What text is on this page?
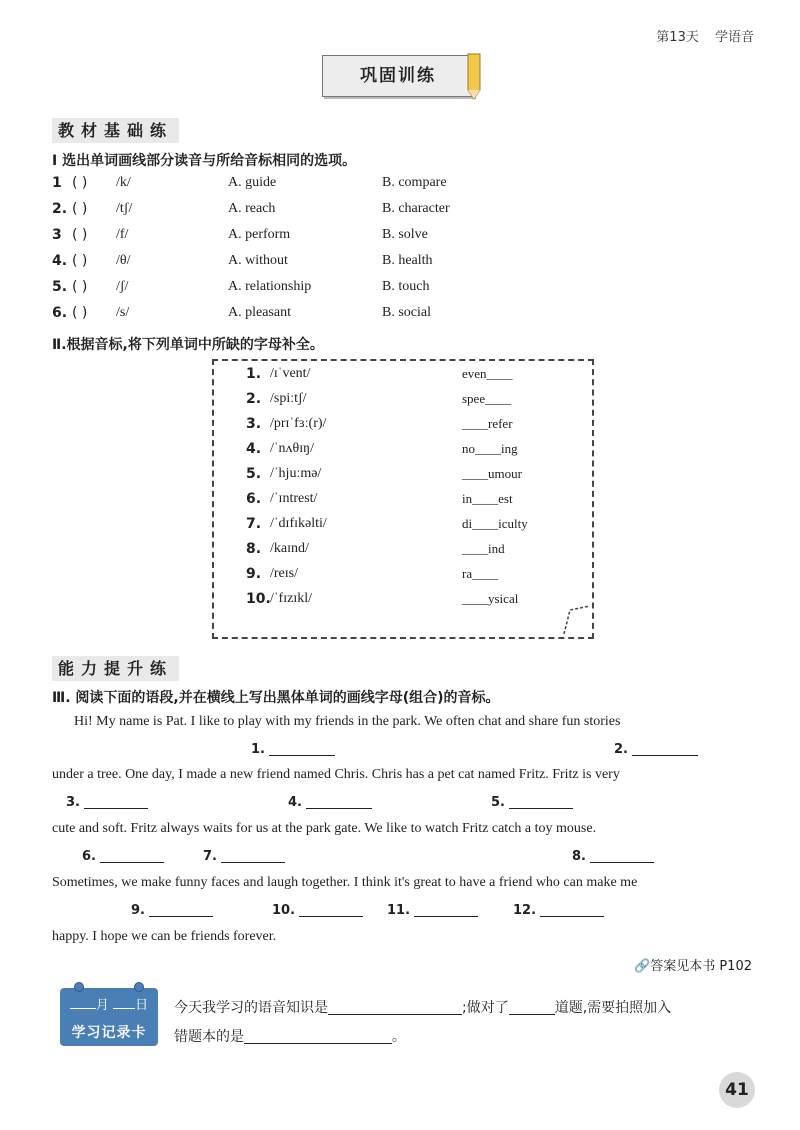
第13天 学语音
巩固训练
教材基础练
Ⅰ 选出单词画线部分读音与所给音标相同的选项。
1 ( ) /k/	A. guide	B. compare
2. ( ) /tʃ/	A. reach	B. character
3 ( ) /f/	A. perform	B. solve
4. ( ) /θ/	A. without	B. health
5. ( ) /ʃ/	A. relationship	B. touch
6. ( ) /s/	A. pleasant	B. social
Ⅱ.根据音标,将下列单词中所缺的字母补全。
1. /ɪˈvent/	even____
2. /spiːtʃ/	spee____
3. /prɪˈfɜː(r)/	____refer
4. /ˈnʌθɪŋ/	no____ing
5. /ˈhjuːmə/	____umour
6. /ˈɪntrest/	in____est
7. /ˈdɪfɪkəlti/	di____iculty
8. /kaɪnd/	____ind
9. /reɪs/	ra____
10. /ˈfɪzɪkl/	____ysical
能力提升练
Ⅲ. 阅读下面的语段,并在横线上写出黑体单词的画线字母(组合)的音标。
Hi! My name is Pat. I like to play with my friends in the park. We often chat and share fun stories
1.	2.
under a tree. One day, I made a new friend named Chris. Chris has a pet cat named Fritz. Fritz is very
3.	4.	5.
cute and soft. Fritz always waits for us at the park gate. We like to watch Fritz catch a toy mouse.
6.	7.	8.
Sometimes, we make funny faces and laugh together. I think it's great to have a friend who can make me
9.	10.	11.	12.
happy. I hope we can be friends forever.
🔗答案见本书 P102
月 日
学习记录卡
今天我学习的语音知识是	;做对了	道题,需要拍照加入
错题本的是	。
41
